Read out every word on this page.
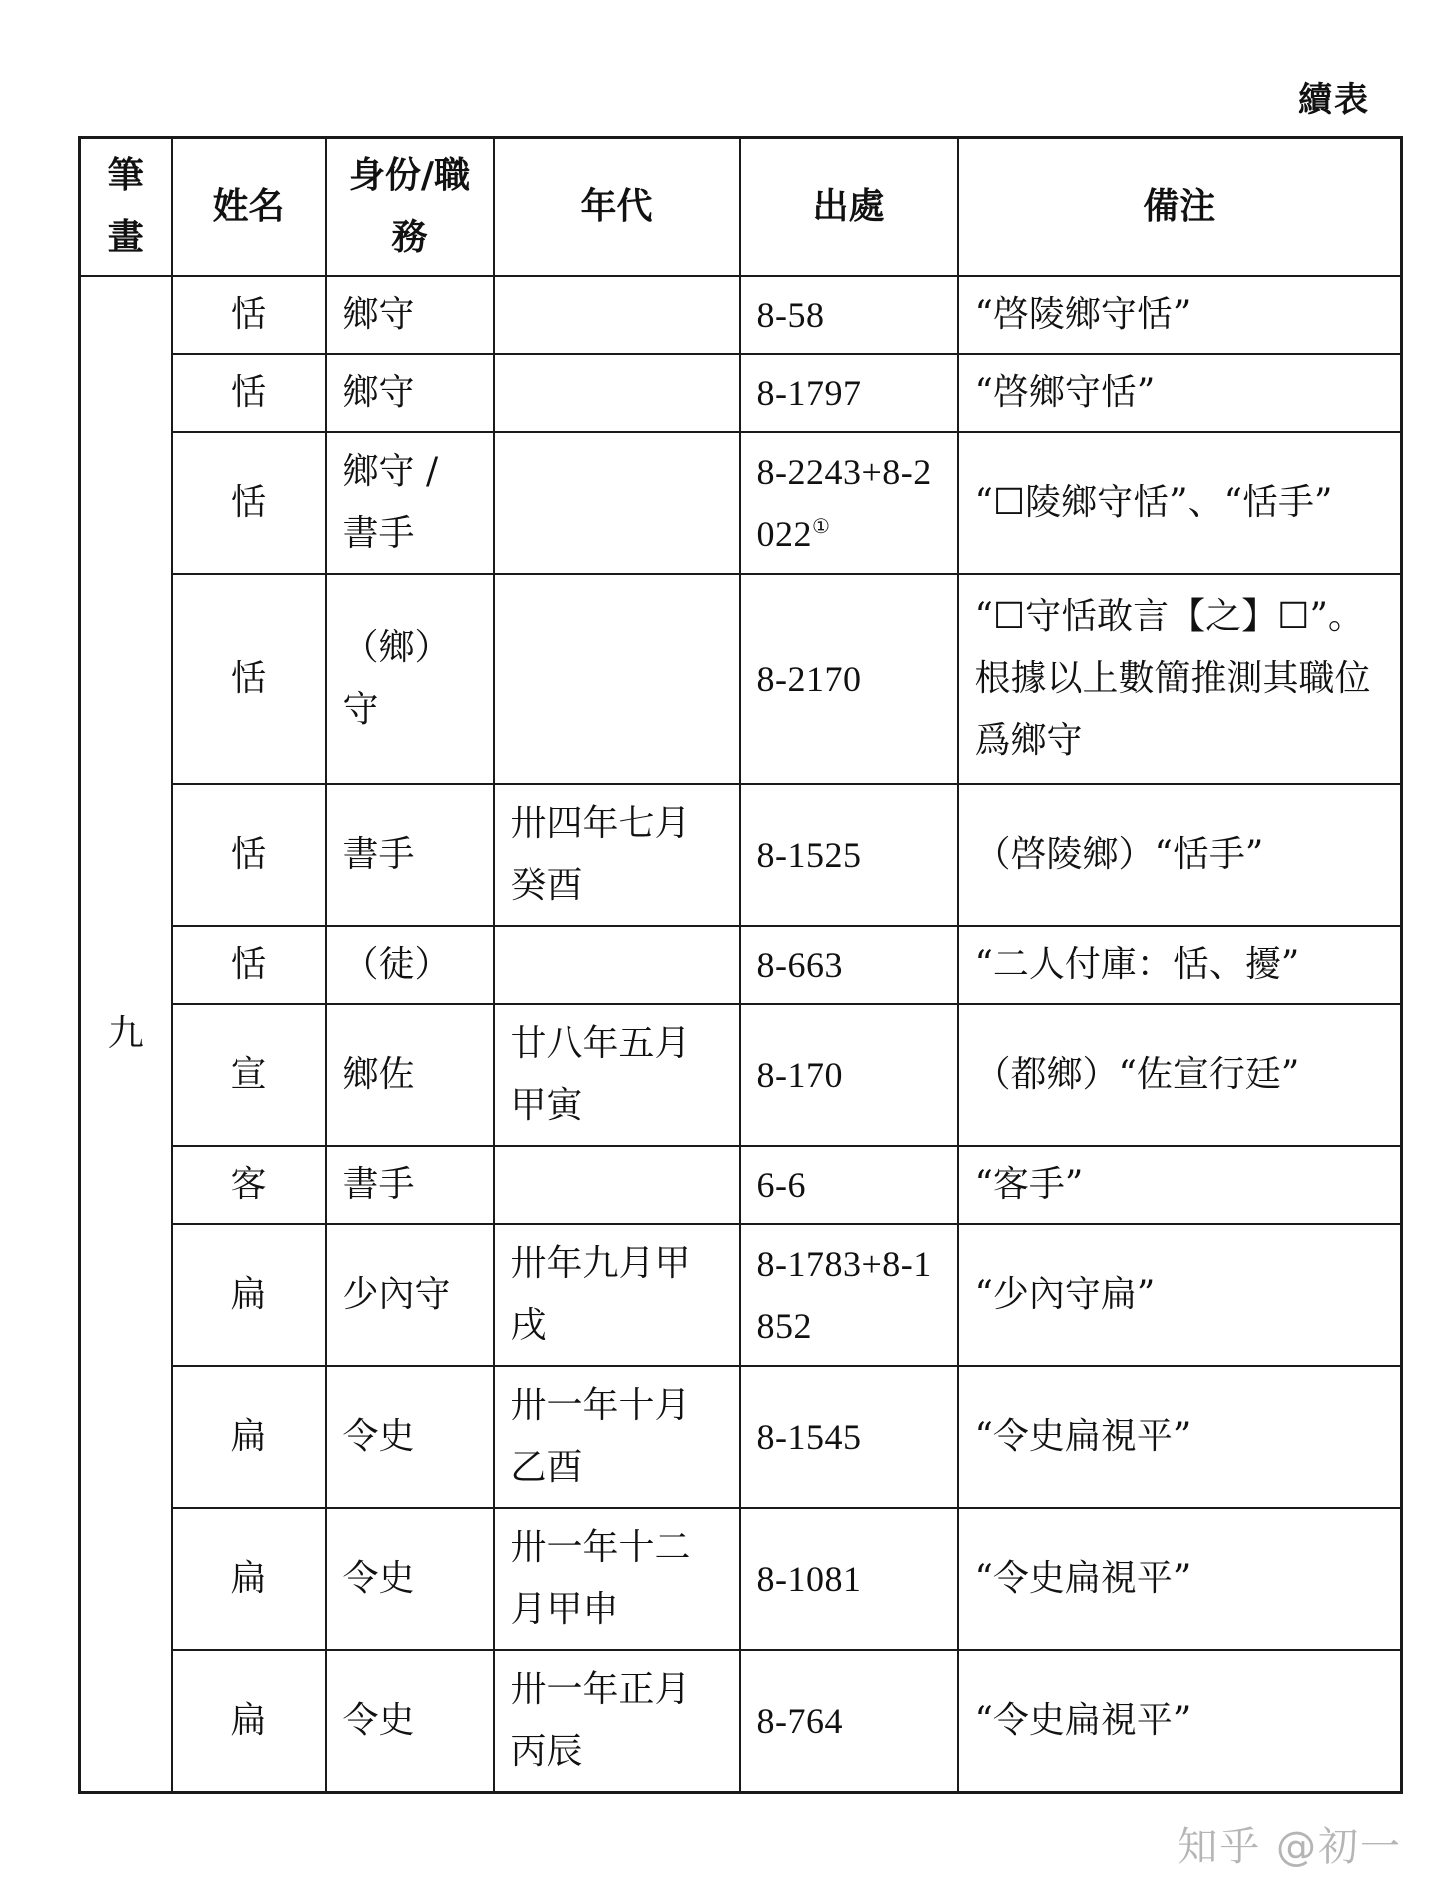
續表
筆畫	姓名	身份/職務	年代	出處	備注
九	恬	鄉守		8-58	“啓陵鄉守恬”
	恬	鄉守		8-1797	“啓鄉守恬”
	恬	鄉守 / 書手		8-2243+8-2022①	“☐陵鄉守恬”、“恬手”
	恬	（鄉）守		8-2170	“☐守恬敢言【之】☐”。根據以上數簡推測其職位爲鄉守
	恬	書手	卅四年七月癸酉	8-1525	（啓陵鄉）“恬手”
	恬	（徒）		8-663	“二人付庫：恬、擾”
	宣	鄉佐	廿八年五月甲寅	8-170	（都鄉）“佐宣行廷”
	客	書手		6-6	“客手”
	扁	少內守	卅年九月甲戌	8-1783+8-1852	“少內守扁”
	扁	令史	卅一年十月乙酉	8-1545	“令史扁視平”
	扁	令史	卅一年十二月甲申	8-1081	“令史扁視平”
	扁	令史	卅一年正月丙辰	8-764	“令史扁視平”
知乎 @初一
